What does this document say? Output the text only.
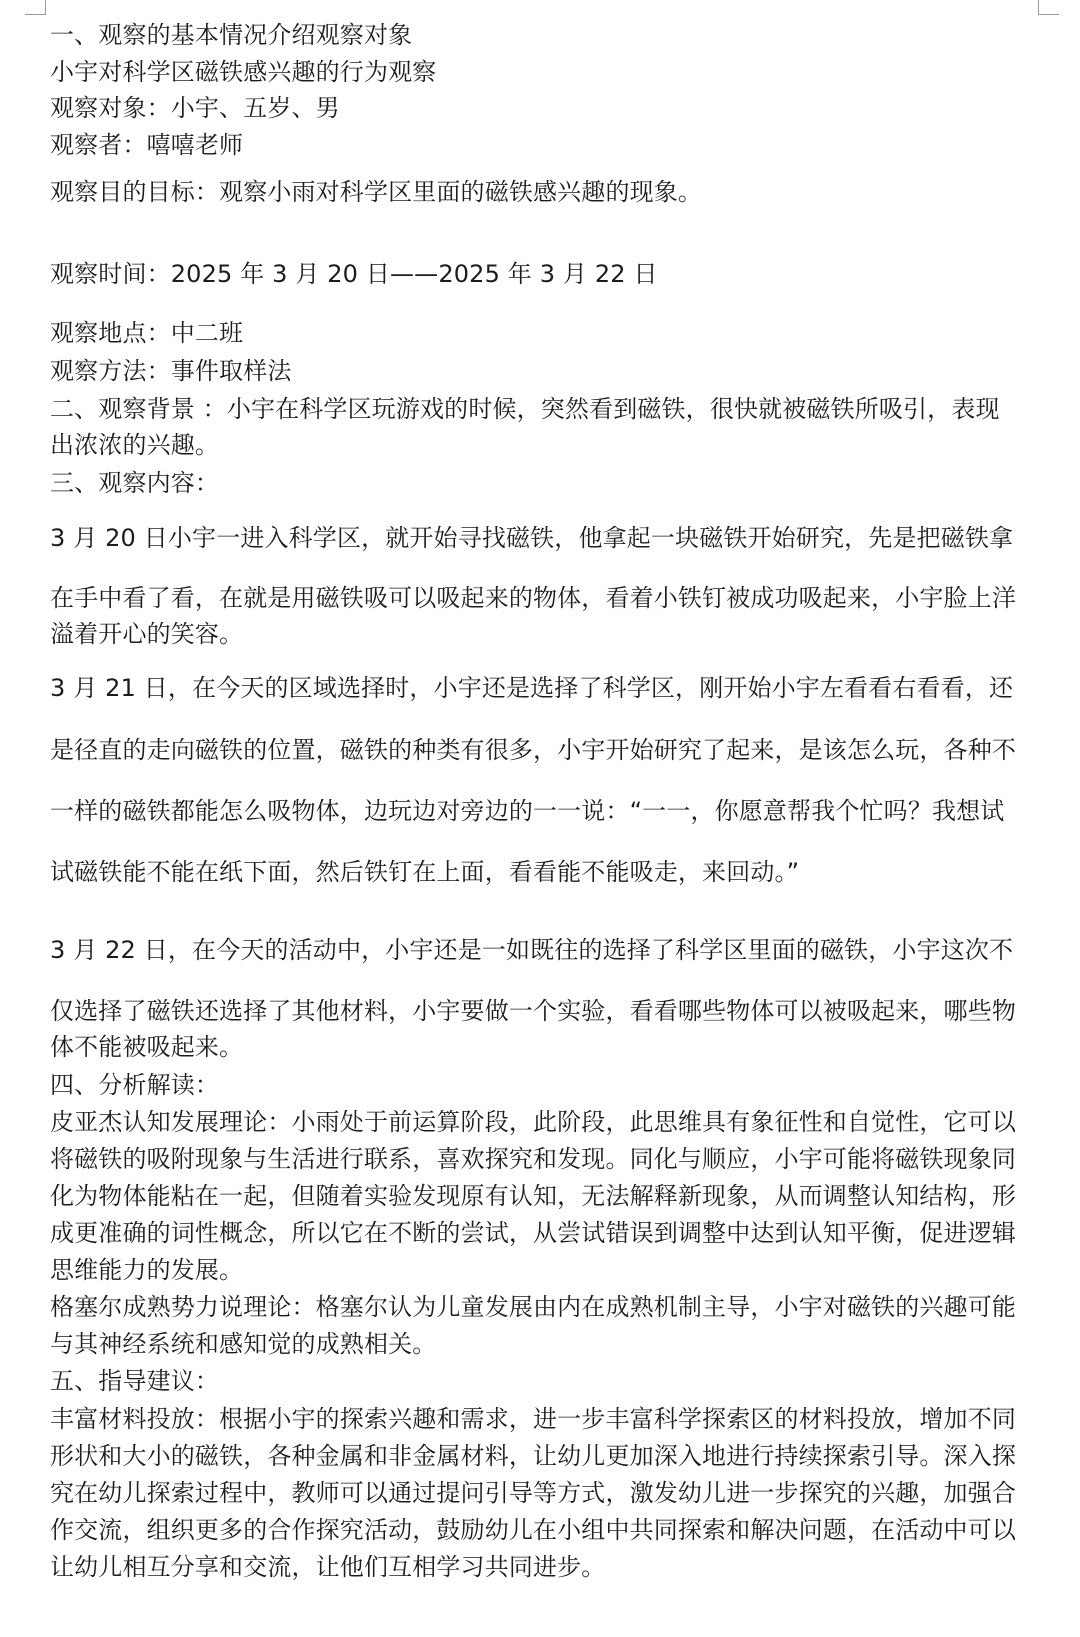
一、观察的基本情况介绍观察对象

小宇对科学区磁铁感兴趣的行为观察

观察对象：小宇、五岁、男

观察者：嘻嘻老师

观察目的目标：观察小雨对科学区里面的磁铁感兴趣的现象。

观察时间：2025 年 3 月 20 日——2025 年 3 月 22 日

观察地点：中二班

观察方法：事件取样法

二、观察背景 ：小宇在科学区玩游戏的时候，突然看到磁铁，很快就被磁铁所吸引，表现

出浓浓的兴趣。

三、观察内容：

3 月 20 日小宇一进入科学区，就开始寻找磁铁，他拿起一块磁铁开始研究，先是把磁铁拿

在手中看了看，在就是用磁铁吸可以吸起来的物体，看着小铁钉被成功吸起来，小宇脸上洋

溢着开心的笑容。

3 月 21 日，在今天的区域选择时，小宇还是选择了科学区，刚开始小宇左看看右看看，还

是径直的走向磁铁的位置，磁铁的种类有很多，小宇开始研究了起来，是该怎么玩，各种不

一样的磁铁都能怎么吸物体，边玩边对旁边的一一说：“一一，你愿意帮我个忙吗？我想试

试磁铁能不能在纸下面，然后铁钉在上面，看看能不能吸走，来回动。”

3 月 22 日，在今天的活动中，小宇还是一如既往的选择了科学区里面的磁铁，小宇这次不

仅选择了磁铁还选择了其他材料，小宇要做一个实验，看看哪些物体可以被吸起来，哪些物

体不能被吸起来。

四、分析解读：

皮亚杰认知发展理论：小雨处于前运算阶段，此阶段，此思维具有象征性和自觉性，它可以

将磁铁的吸附现象与生活进行联系，喜欢探究和发现。同化与顺应，小宇可能将磁铁现象同

化为物体能粘在一起，但随着实验发现原有认知，无法解释新现象，从而调整认知结构，形

成更准确的词性概念，所以它在不断的尝试，从尝试错误到调整中达到认知平衡，促进逻辑

思维能力的发展。

格塞尔成熟势力说理论：格塞尔认为儿童发展由内在成熟机制主导，小宇对磁铁的兴趣可能

与其神经系统和感知觉的成熟相关。

五、指导建议：

丰富材料投放：根据小宇的探索兴趣和需求，进一步丰富科学探索区的材料投放，增加不同

形状和大小的磁铁，各种金属和非金属材料，让幼儿更加深入地进行持续探索引导。深入探

究在幼儿探索过程中，教师可以通过提问引导等方式，激发幼儿进一步探究的兴趣，加强合

作交流，组织更多的合作探究活动，鼓励幼儿在小组中共同探索和解决问题，在活动中可以

让幼儿相互分享和交流，让他们互相学习共同进步。
